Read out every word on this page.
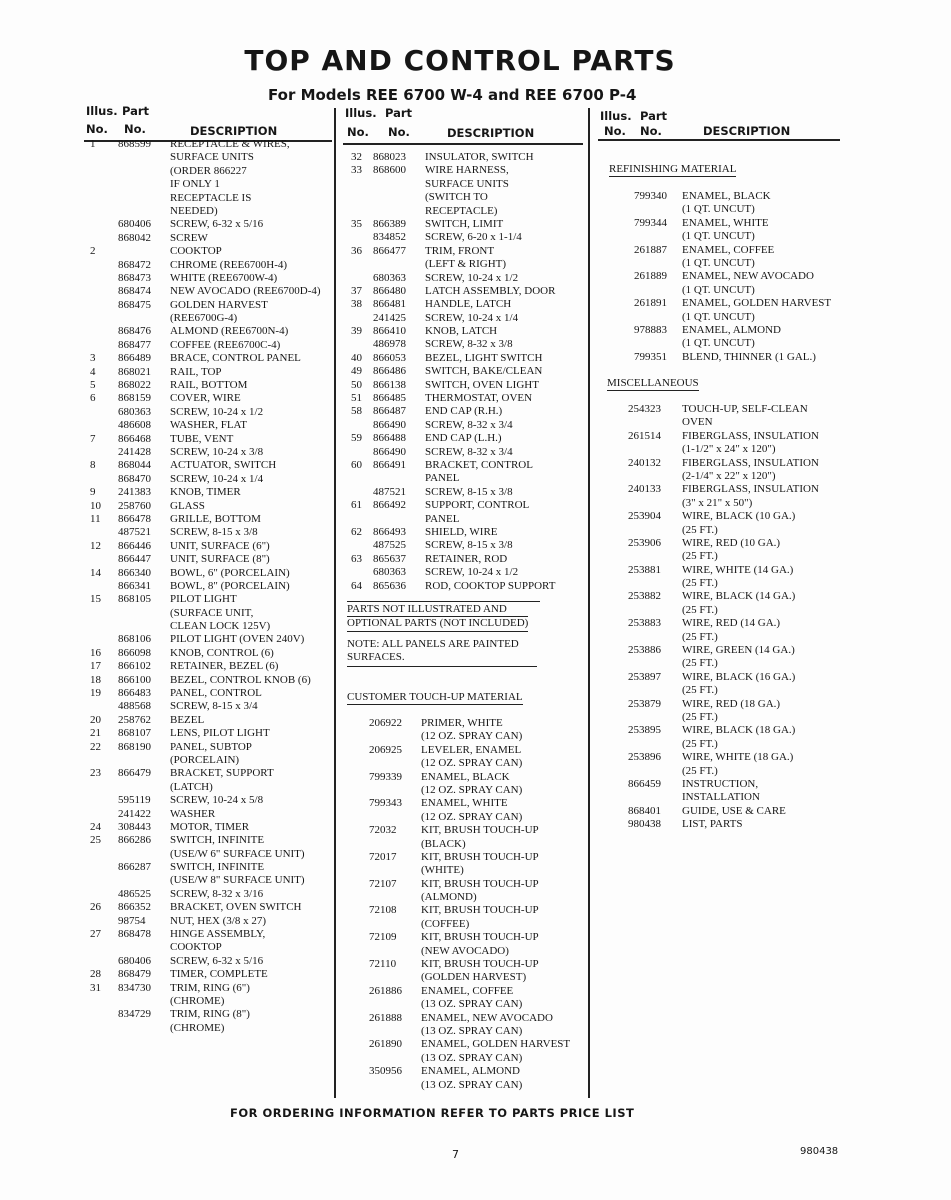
TOP AND CONTROL PARTS
For Models REE 6700 W-4 and REE 6700 P-4
Illus. Part
No. No.	DESCRIPTION
Illus. Part
No. No.	DESCRIPTION
Illus. Part
No. No.	DESCRIPTION
1 868599 RECEPTACLE & WIRES,
SURFACE UNITS
(ORDER 866227
IF ONLY 1
RECEPTACLE IS
NEEDED)
680406 SCREW, 6-32 x 5/16
868042 SCREW
2	COOKTOP
868472 CHROME (REE6700H-4)
868473 WHITE (REE6700W-4)
868474 NEW AVOCADO (REE6700D-4)
868475 GOLDEN HARVEST
(REE6700G-4)
868476 ALMOND (REE6700N-4)
868477 COFFEE (REE6700C-4)
3 866489 BRACE, CONTROL PANEL
4 868021 RAIL, TOP
5 868022 RAIL, BOTTOM
6 868159 COVER, WIRE
680363 SCREW, 10-24 x 1/2
486608 WASHER, FLAT
7 866468 TUBE, VENT
241428 SCREW, 10-24 x 3/8
8 868044 ACTUATOR, SWITCH
868470 SCREW, 10-24 x 1/4
9 241383 KNOB, TIMER
10 258760 GLASS
11 866478 GRILLE, BOTTOM
487521 SCREW, 8-15 x 3/8
12 866446 UNIT, SURFACE (6")
866447 UNIT, SURFACE (8")
14 866340 BOWL, 6" (PORCELAIN)
866341 BOWL, 8" (PORCELAIN)
15 868105 PILOT LIGHT
(SURFACE UNIT,
CLEAN LOCK 125V)
868106 PILOT LIGHT (OVEN 240V)
16 866098 KNOB, CONTROL (6)
17 866102 RETAINER, BEZEL (6)
18 866100 BEZEL, CONTROL KNOB (6)
19 866483 PANEL, CONTROL
488568 SCREW, 8-15 x 3/4
20 258762 BEZEL
21 868107 LENS, PILOT LIGHT
22 868190 PANEL, SUBTOP
(PORCELAIN)
23 866479 BRACKET, SUPPORT
(LATCH)
595119 SCREW, 10-24 x 5/8
241422 WASHER
24 308443 MOTOR, TIMER
25 866286 SWITCH, INFINITE
(USE/W 6" SURFACE UNIT)
866287 SWITCH, INFINITE
(USE/W 8" SURFACE UNIT)
486525 SCREW, 8-32 x 3/16
26 866352 BRACKET, OVEN SWITCH
98754 NUT, HEX (3/8 x 27)
27 868478 HINGE ASSEMBLY,
COOKTOP
680406 SCREW, 6-32 x 5/16
28 868479 TIMER, COMPLETE
31 834730 TRIM, RING (6")
(CHROME)
834729 TRIM, RING (8")
(CHROME)
32 868023 INSULATOR, SWITCH
33 868600 WIRE HARNESS,
SURFACE UNITS
(SWITCH TO
RECEPTACLE)
35 866389 SWITCH, LIMIT
834852 SCREW, 6-20 x 1-1/4
36 866477 TRIM, FRONT
(LEFT & RIGHT)
680363 SCREW, 10-24 x 1/2
37 866480 LATCH ASSEMBLY, DOOR
38 866481 HANDLE, LATCH
241425 SCREW, 10-24 x 1/4
39 866410 KNOB, LATCH
486978 SCREW, 8-32 x 3/8
40 866053 BEZEL, LIGHT SWITCH
49 866486 SWITCH, BAKE/CLEAN
50 866138 SWITCH, OVEN LIGHT
51 866485 THERMOSTAT, OVEN
58 866487 END CAP (R.H.)
866490 SCREW, 8-32 x 3/4
59 866488 END CAP (L.H.)
866490 SCREW, 8-32 x 3/4
60 866491 BRACKET, CONTROL
PANEL
487521 SCREW, 8-15 x 3/8
61 866492 SUPPORT, CONTROL
PANEL
62 866493 SHIELD, WIRE
487525 SCREW, 8-15 x 3/8
63 865637 RETAINER, ROD
680363 SCREW, 10-24 x 1/2
64 865636 ROD, COOKTOP SUPPORT
PARTS NOT ILLUSTRATED AND
OPTIONAL PARTS (NOT INCLUDED)
NOTE: ALL PANELS ARE PAINTED
SURFACES.
CUSTOMER TOUCH-UP MATERIAL
206922 PRIMER, WHITE
(12 OZ. SPRAY CAN)
206925 LEVELER, ENAMEL
(12 OZ. SPRAY CAN)
799339 ENAMEL, BLACK
(12 OZ. SPRAY CAN)
799343 ENAMEL, WHITE
(12 OZ. SPRAY CAN)
72032 KIT, BRUSH TOUCH-UP
(BLACK)
72017 KIT, BRUSH TOUCH-UP
(WHITE)
72107 KIT, BRUSH TOUCH-UP
(ALMOND)
72108 KIT, BRUSH TOUCH-UP
(COFFEE)
72109 KIT, BRUSH TOUCH-UP
(NEW AVOCADO)
72110 KIT, BRUSH TOUCH-UP
(GOLDEN HARVEST)
261886 ENAMEL, COFFEE
(13 OZ. SPRAY CAN)
261888 ENAMEL, NEW AVOCADO
(13 OZ. SPRAY CAN)
261890 ENAMEL, GOLDEN HARVEST
(13 OZ. SPRAY CAN)
350956 ENAMEL, ALMOND
(13 OZ. SPRAY CAN)
REFINISHING MATERIAL
799340 ENAMEL, BLACK
(1 QT. UNCUT)
799344 ENAMEL, WHITE
(1 QT. UNCUT)
261887 ENAMEL, COFFEE
(1 QT. UNCUT)
261889 ENAMEL, NEW AVOCADO
(1 QT. UNCUT)
261891 ENAMEL, GOLDEN HARVEST
(1 QT. UNCUT)
978883 ENAMEL, ALMOND
(1 QT. UNCUT)
799351 BLEND, THINNER (1 GAL.)
MISCELLANEOUS
254323 TOUCH-UP, SELF-CLEAN
OVEN
261514 FIBERGLASS, INSULATION
(1-1/2" x 24" x 120")
240132 FIBERGLASS, INSULATION
(2-1/4" x 22" x 120")
240133 FIBERGLASS, INSULATION
(3" x 21" x 50")
253904 WIRE, BLACK (10 GA.)
(25 FT.)
253906 WIRE, RED (10 GA.)
(25 FT.)
253881 WIRE, WHITE (14 GA.)
(25 FT.)
253882 WIRE, BLACK (14 GA.)
(25 FT.)
253883 WIRE, RED (14 GA.)
(25 FT.)
253886 WIRE, GREEN (14 GA.)
(25 FT.)
253897 WIRE, BLACK (16 GA.)
(25 FT.)
253879 WIRE, RED (18 GA.)
(25 FT.)
253895 WIRE, BLACK (18 GA.)
(25 FT.)
253896 WIRE, WHITE (18 GA.)
(25 FT.)
866459 INSTRUCTION,
INSTALLATION
868401 GUIDE, USE & CARE
980438 LIST, PARTS
FOR ORDERING INFORMATION REFER TO PARTS PRICE LIST
7	980438
